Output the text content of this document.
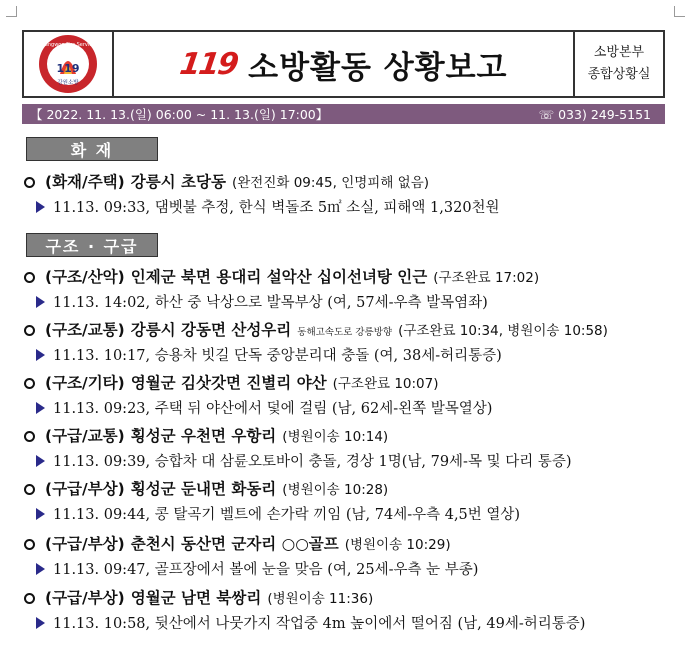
119
Gangwon Fire Service
강원소방
119 소방활동 상황보고	소방본부
종합상황실
【 2022. 11. 13.(일) 06:00 ~ 11. 13.(일) 17:00】	☏ 033) 249-5151
화 재
(화재/주택) 강릉시 초당동 (완전진화 09:45, 인명피해 없음)
11.13. 09:33, 댐벳불 추정, 한식 벽돌조 5㎡ 소실, 피해액 1,320천원
구조 · 구급
(구조/산악) 인제군 북면 용대리 설악산 십이선녀탕 인근 (구조완료 17:02)
11.13. 14:02, 하산 중 낙상으로 발목부상 (여, 57세-우측 발목염좌)
(구조/교통) 강릉시 강동면 산성우리 동해고속도로 강릉방향 (구조완료 10:34, 병원이송 10:58)
11.13. 10:17, 승용차 빗길 단독 중앙분리대 충돌 (여, 38세-허리통증)
(구조/기타) 영월군 김삿갓면 진별리 야산 (구조완료 10:07)
11.13. 09:23, 주택 뒤 야산에서 덫에 걸림 (남, 62세-왼쪽 발목열상)
(구급/교통) 횡성군 우천면 우항리 (병원이송 10:14)
11.13. 09:39, 승합차 대 삼륜오토바이 충돌, 경상 1명(남, 79세-목 및 다리 통증)
(구급/부상) 횡성군 둔내면 화동리 (병원이송 10:28)
11.13. 09:44, 콩 탈곡기 벨트에 손가락 끼임 (남, 74세-우측 4,5번 열상)
(구급/부상) 춘천시 동산면 군자리 ○○골프 (병원이송 10:29)
11.13. 09:47, 골프장에서 볼에 눈을 맞음 (여, 25세-우측 눈 부종)
(구급/부상) 영월군 남면 북쌍리 (병원이송 11:36)
11.13. 10:58, 뒷산에서 나뭇가지 작업중 4m 높이에서 떨어짐 (남, 49세-허리통증)
